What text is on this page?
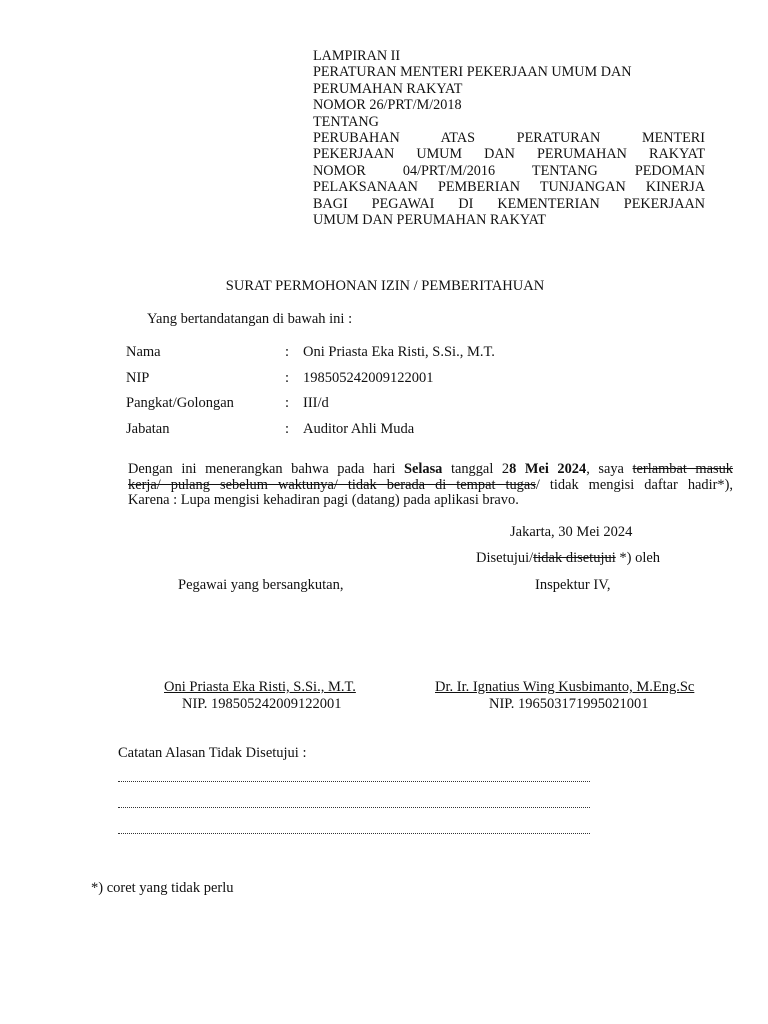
LAMPIRAN II
PERATURAN MENTERI PEKERJAAN UMUM DAN
PERUMAHAN RAKYAT
NOMOR 26/PRT/M/2018
TENTANG
PERUBAHAN ATAS PERATURAN MENTERI
PEKERJAAN UMUM DAN PERUMAHAN RAKYAT
NOMOR 04/PRT/M/2016 TENTANG PEDOMAN
PELAKSANAAN PEMBERIAN TUNJANGAN KINERJA
BAGI PEGAWAI DI KEMENTERIAN PEKERJAAN
UMUM DAN PERUMAHAN RAKYAT
SURAT PERMOHONAN IZIN / PEMBERITAHUAN
Yang bertandatangan di bawah ini :
Nama	: Oni Priasta Eka Risti, S.Si., M.T.
NIP	: 198505242009122001
Pangkat/Golongan	: III/d
Jabatan	: Auditor Ahli Muda
Dengan ini menerangkan bahwa pada hari Selasa tanggal 28 Mei 2024, saya terlambat masuk
kerja/ pulang sebelum waktunya/ tidak berada di tempat tugas/ tidak mengisi daftar hadir*),
Karena : Lupa mengisi kehadiran pagi (datang) pada aplikasi bravo.
Jakarta, 30 Mei 2024
Disetujui/tidak disetujui *) oleh
Pegawai yang bersangkutan,	Inspektur IV,
Oni Priasta Eka Risti, S.Si., M.T.
NIP. 198505242009122001
Dr. Ir. Ignatius Wing Kusbimanto, M.Eng.Sc
NIP. 196503171995021001
Catatan Alasan Tidak Disetujui :
*) coret yang tidak perlu
